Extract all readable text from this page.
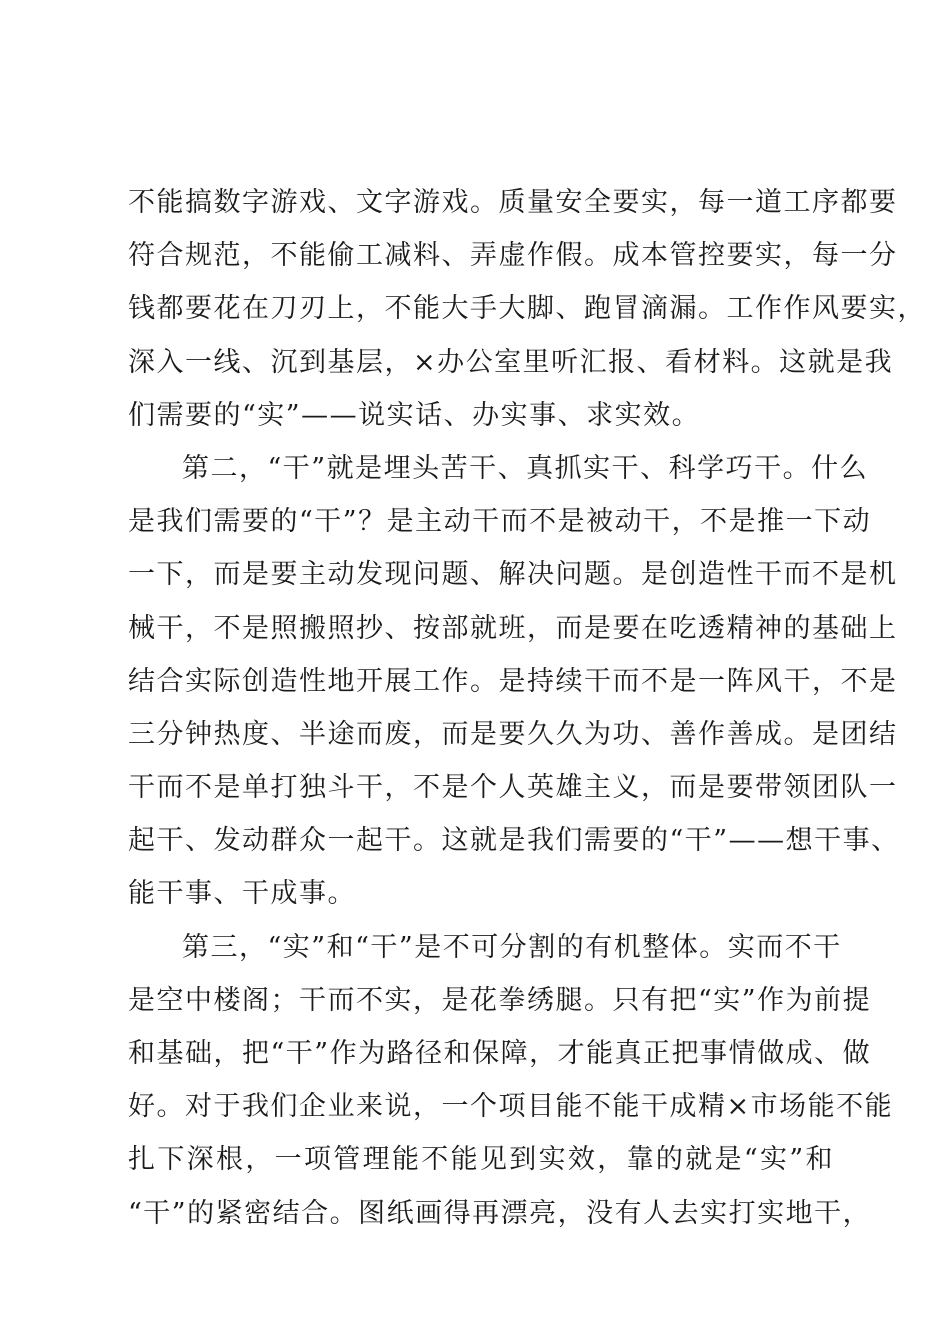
不能搞数字游戏、文字游戏。质量安全要实，每一道工序都要
符合规范，不能偷工减料、弄虚作假。成本管控要实，每一分
钱都要花在刀刃上，不能大手大脚、跑冒滴漏。工作作风要实，
深入一线、沉到基层，×办公室里听汇报、看材料。这就是我
们需要的“实”——说实话、办实事、求实效。
第二，“干”就是埋头苦干、真抓实干、科学巧干。什么
是我们需要的“干”？是主动干而不是被动干，不是推一下动
一下，而是要主动发现问题、解决问题。是创造性干而不是机
械干，不是照搬照抄、按部就班，而是要在吃透精神的基础上
结合实际创造性地开展工作。是持续干而不是一阵风干，不是
三分钟热度、半途而废，而是要久久为功、善作善成。是团结
干而不是单打独斗干，不是个人英雄主义，而是要带领团队一
起干、发动群众一起干。这就是我们需要的“干”——想干事、
能干事、干成事。
第三，“实”和“干”是不可分割的有机整体。实而不干
是空中楼阁；干而不实，是花拳绣腿。只有把“实”作为前提
和基础，把“干”作为路径和保障，才能真正把事情做成、做
好。对于我们企业来说，一个项目能不能干成精×市场能不能
扎下深根，一项管理能不能见到实效，靠的就是“实”和
“干”的紧密结合。图纸画得再漂亮，没有人去实打实地干，
